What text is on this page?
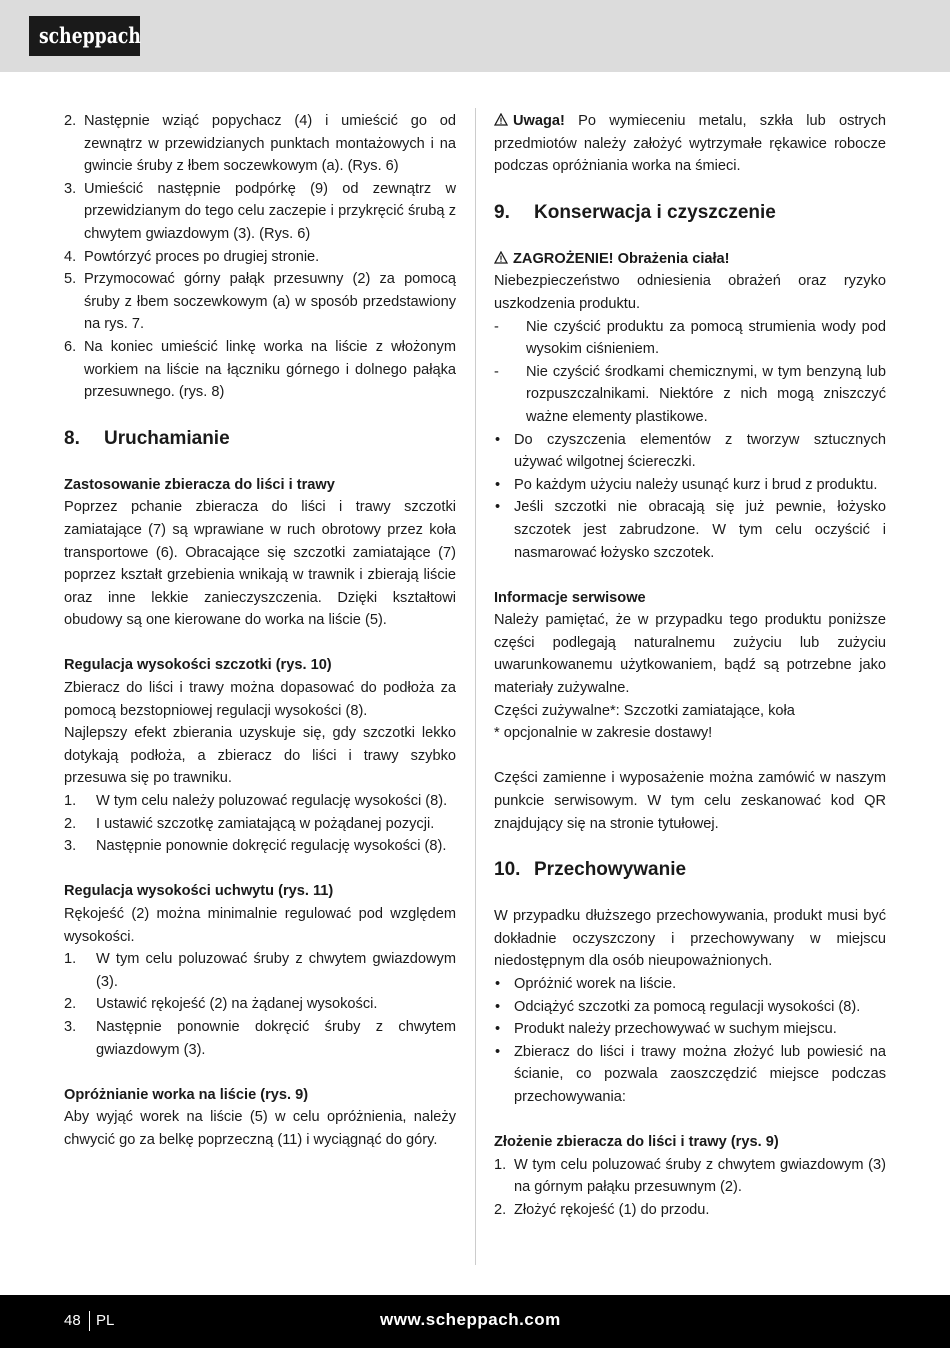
scheppach
2. Następnie wziąć popychacz (4) i umieścić go od zewnątrz w przewidzianych punktach montażowych i na gwincie śruby z łbem soczewkowym (a). (Rys. 6)
3. Umieścić następnie podpórkę (9) od zewnątrz w przewidzianym do tego celu zaczepie i przykręcić śrubą z chwytem gwiazdowym (3). (Rys. 6)
4. Powtórzyć proces po drugiej stronie.
5. Przymocować górny pałąk przesuwny (2) za pomocą śruby z łbem soczewkowym (a) w sposób przedstawiony na rys. 7.
6. Na koniec umieścić linkę worka na liście z włożonym workiem na liście na łączniku górnego i dolnego pałąka przesuwnego. (rys. 8)
8.	Uruchamianie
Zastosowanie zbieracza do liści i trawy

Poprzez pchanie zbieracza do liści i trawy szczotki zamiatające (7) są wprawiane w ruch obrotowy przez koła transportowe (6). Obracające się szczotki zamiatające (7) poprzez kształt grzebienia wnikają w trawnik i zbierają liście oraz inne lekkie zanieczyszczenia. Dzięki kształtowi obudowy są one kierowane do worka na liście (5).

Regulacja wysokości szczotki (rys. 10)

Zbieracz do liści i trawy można dopasować do podłoża za pomocą bezstopniowej regulacji wysokości (8).

Najlepszy efekt zbierania uzyskuje się, gdy szczotki lekko dotykają podłoża, a zbieracz do liści i trawy szybko przesuwa się po trawniku.

1. W tym celu należy poluzować regulację wysokości (8).
2. I ustawić szczotkę zamiatającą w pożądanej pozycji.
3. Następnie ponownie dokręcić regulację wysokości (8).
Regulacja wysokości uchwytu (rys. 11)

Rękojeść (2) można minimalnie regulować pod względem wysokości.

1. W tym celu poluzować śruby z chwytem gwiazdowym (3).
2. Ustawić rękojeść (2) na żądanej wysokości.
3. Następnie ponownie dokręcić śruby z chwytem gwiazdowym (3).
Opróżnianie worka na liście (rys. 9)

Aby wyjąć worek na liście (5) w celu opróżnienia, należy chwycić go za belkę poprzeczną (11) i wyciągnąć do góry.

Uwaga! Po wymieceniu metalu, szkła lub ostrych przedmiotów należy założyć wytrzymałe rękawice robocze podczas opróżniania worka na śmieci.

9.	Konserwacja i czyszczenie
ZAGROŻENIE! Obrażenia ciała!

Niebezpieczeństwo odniesienia obrażeń oraz ryzyko uszkodzenia produktu.

- Nie czyścić produktu za pomocą strumienia wody pod wysokim ciśnieniem.
- Nie czyścić środkami chemicznymi, w tym benzyną lub rozpuszczalnikami. Niektóre z nich mogą zniszczyć ważne elementy plastikowe.
• Do czyszczenia elementów z tworzyw sztucznych używać wilgotnej ściereczki.
• Po każdym użyciu należy usunąć kurz i brud z produktu.
• Jeśli szczotki nie obracają się już pewnie, łożysko szczotek jest zabrudzone. W tym celu oczyścić i nasmarować łożysko szczotek.
Informacje serwisowe

Należy pamiętać, że w przypadku tego produktu poniższe części podlegają naturalnemu zużyciu lub zużyciu uwarunkowanemu użytkowaniem, bądź są potrzebne jako materiały zużywalne.

Części zużywalne*: Szczotki zamiatające, koła

* opcjonalnie w zakresie dostawy!

Części zamienne i wyposażenie można zamówić w naszym punkcie serwisowym. W tym celu zeskanować kod QR znajdujący się na stronie tytułowej.

10. Przechowywanie

W przypadku dłuższego przechowywania, produkt musi być dokładnie oczyszczony i przechowywany w miejscu niedostępnym dla osób nieupoważnionych.

• Opróżnić worek na liście.
• Odciążyć szczotki za pomocą regulacji wysokości (8).
• Produkt należy przechowywać w suchym miejscu.
• Zbieracz do liści i trawy można złożyć lub powiesić na ścianie, co pozwala zaoszczędzić miejsce podczas przechowywania:
Złożenie zbieracza do liści i trawy (rys. 9)
1. W tym celu poluzować śruby z chwytem gwiazdowym (3) na górnym pałąku przesuwnym (2).
2. Złożyć rękojeść (1) do przodu.
48 PL	www.scheppach.com
